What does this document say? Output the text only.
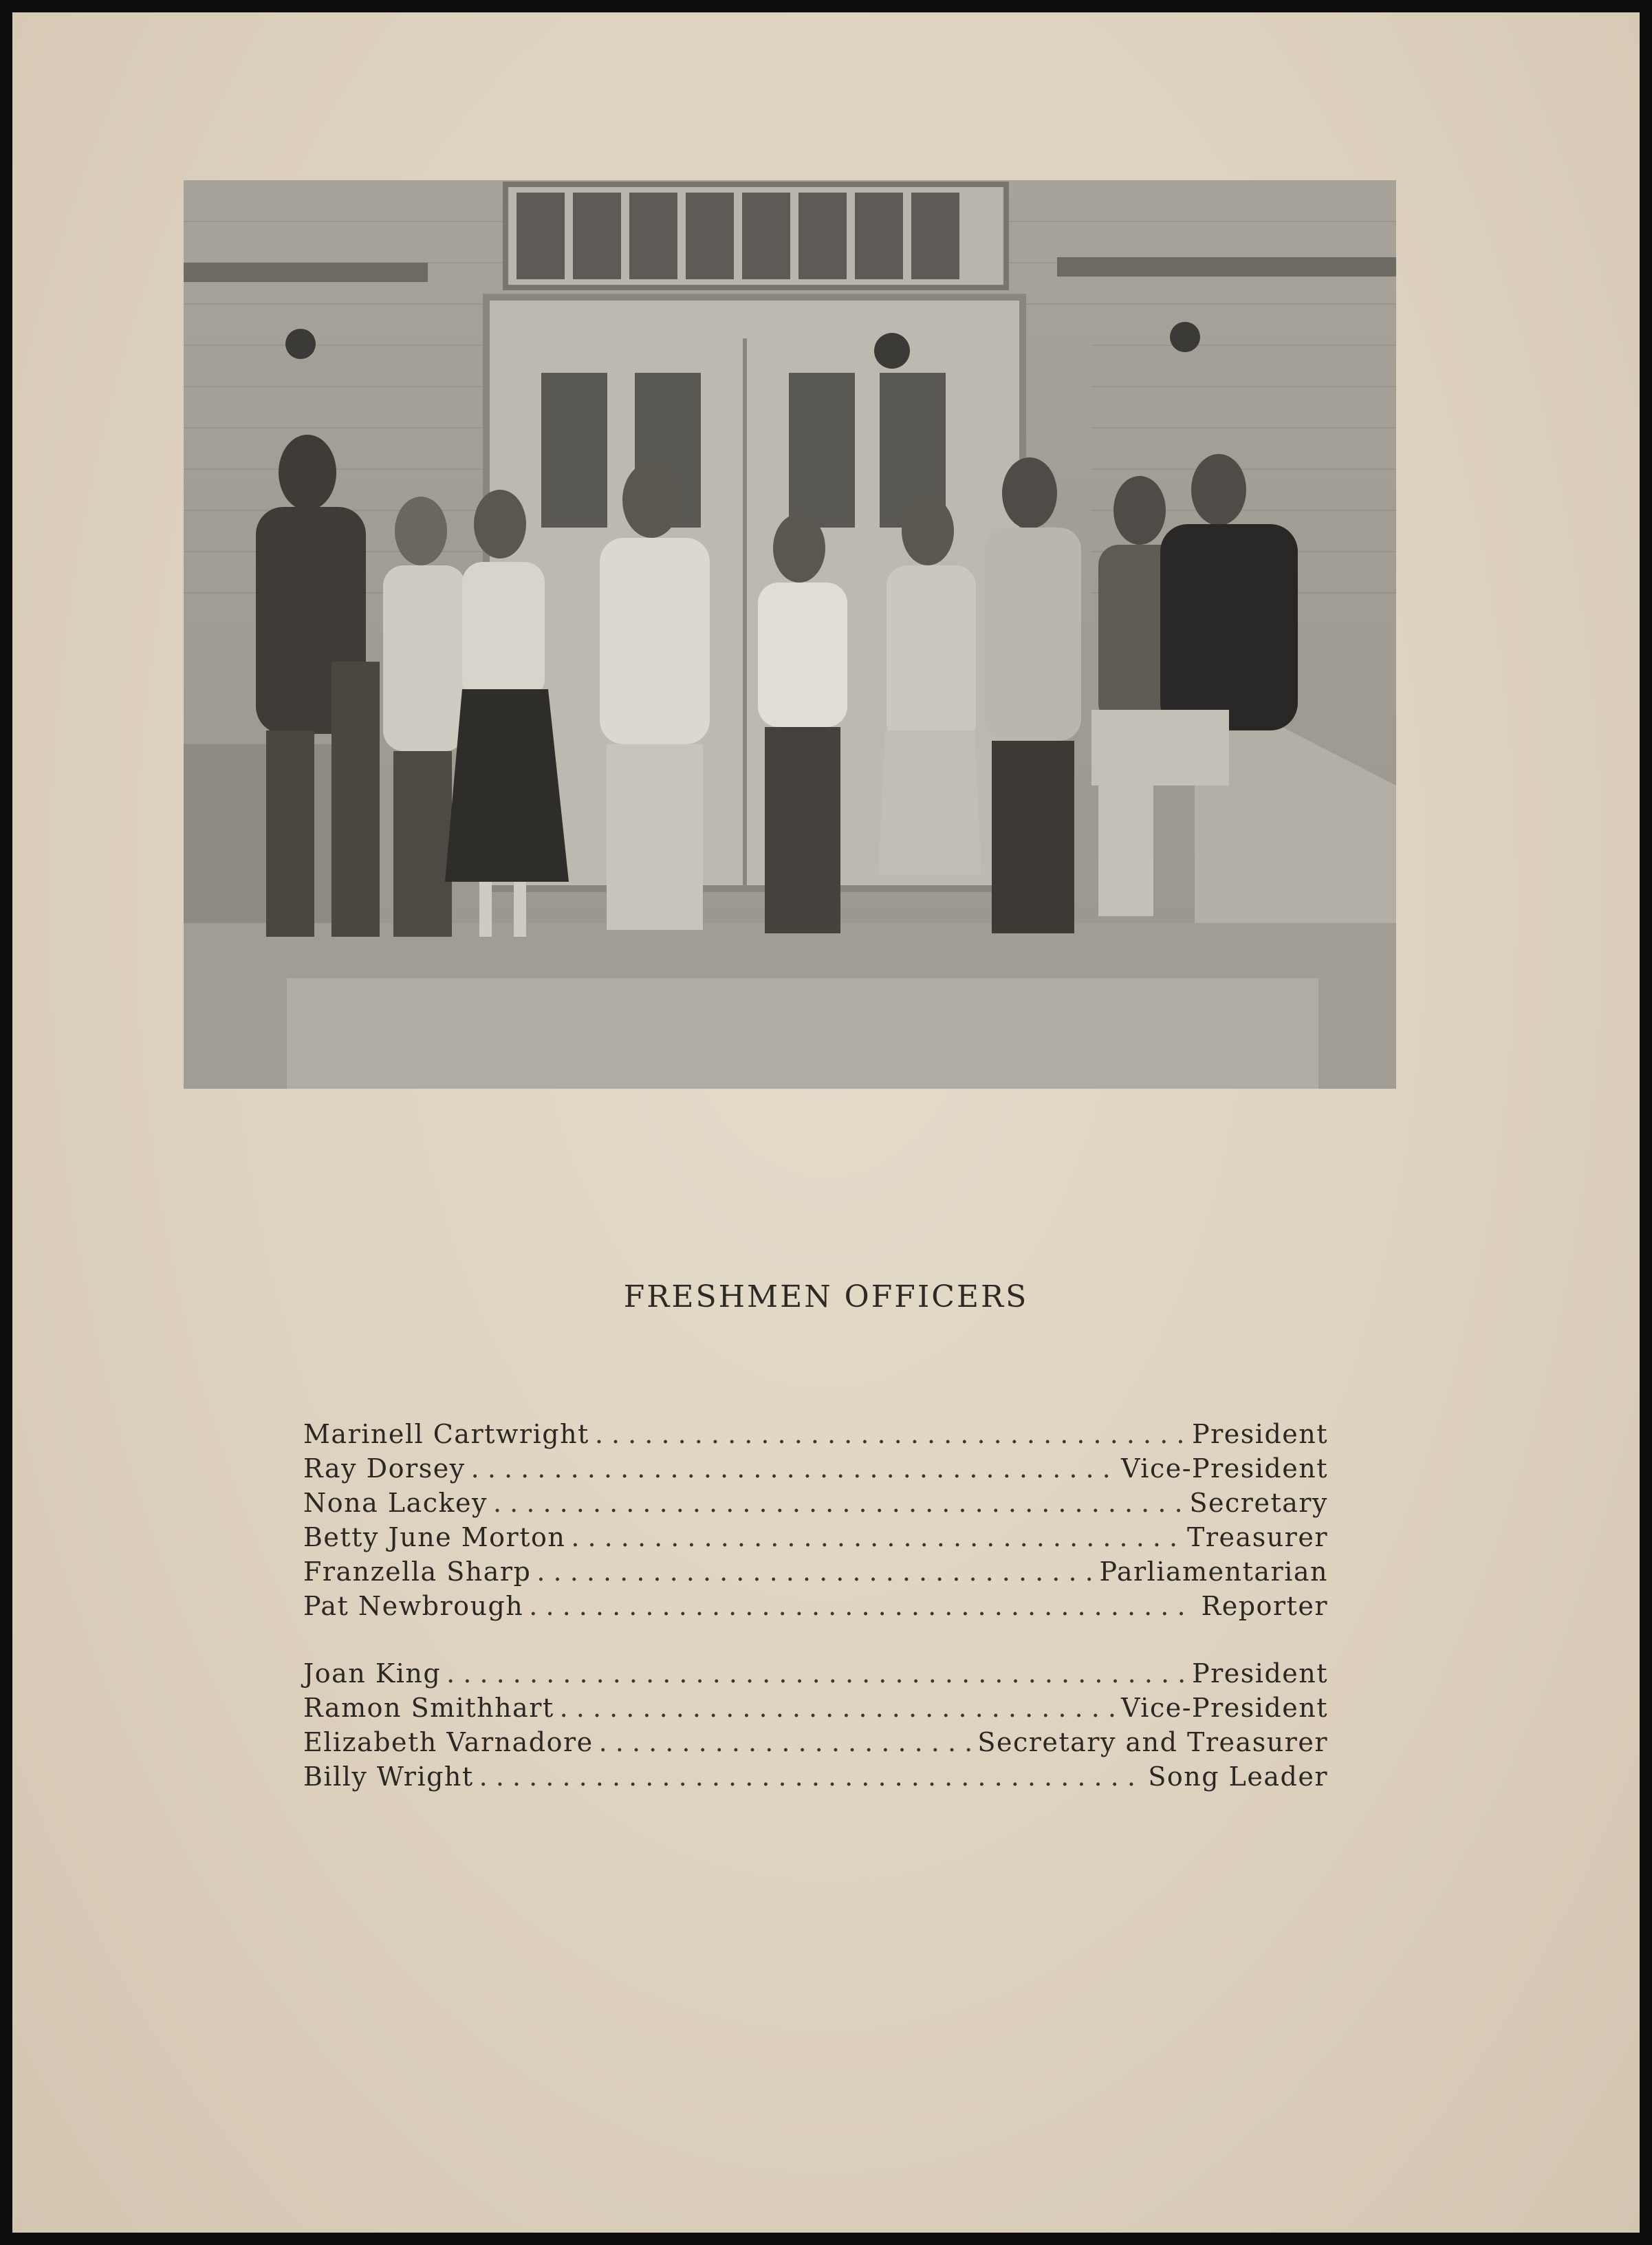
FRESHMEN OFFICERS
Marinell Cartwright . . .	President
Ray Dorsey . . .	Vice-President
Nona Lackey . . .	Secretary
Betty June Morton . . .	Treasurer
Franzella Sharp . . .	Parliamentarian
Pat Newbrough . . .	Reporter
Joan King . . .	President
Ramon Smithhart . . .	Vice-President
Elizabeth Varnadore . . .	Secretary and Treasurer
Billy Wright . . .	Song Leader
